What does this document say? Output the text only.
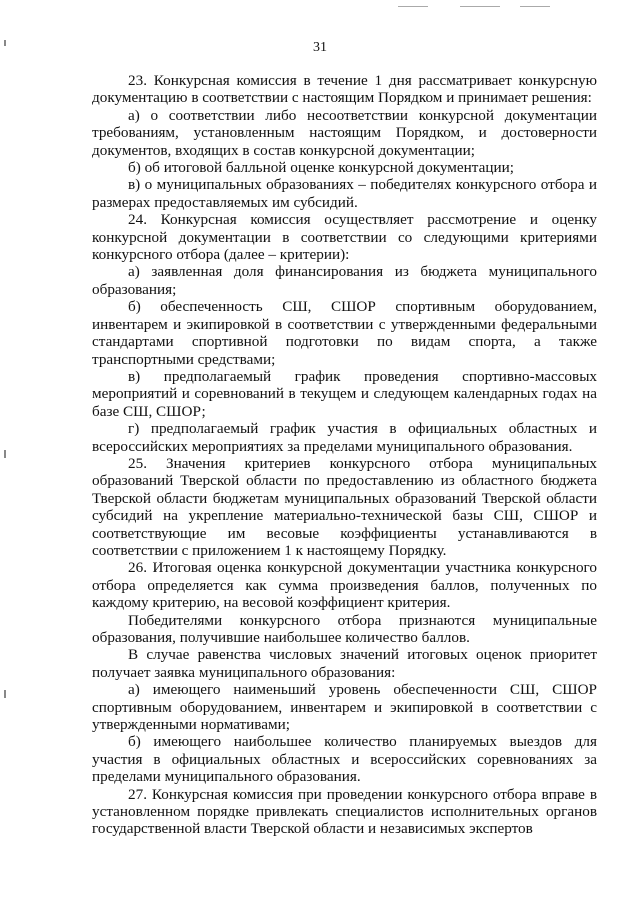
31

23. Конкурсная комиссия в течение 1 дня рассматривает конкурсную документацию в соответствии с настоящим Порядком и принимает решения:

а) о соответствии либо несоответствии конкурсной документации требованиям, установленным настоящим Порядком, и достоверности документов, входящих в состав конкурсной документации;

б) об итоговой балльной оценке конкурсной документации;

в) о муниципальных образованиях – победителях конкурсного отбора и размерах предоставляемых им субсидий.

24. Конкурсная комиссия осуществляет рассмотрение и оценку конкурсной документации в соответствии со следующими критериями конкурсного отбора (далее – критерии):

а) заявленная доля финансирования из бюджета муниципального образования;

б) обеспеченность СШ, СШОР спортивным оборудованием, инвентарем и экипировкой в соответствии с утвержденными федеральными стандартами спортивной подготовки по видам спорта, а также транспортными средствами;

в) предполагаемый график проведения спортивно-массовых мероприятий и соревнований в текущем и следующем календарных годах на базе СШ, СШОР;

г) предполагаемый график участия в официальных областных и всероссийских мероприятиях за пределами муниципального образования.

25. Значения критериев конкурсного отбора муниципальных образований Тверской области по предоставлению из областного бюджета Тверской области бюджетам муниципальных образований Тверской области субсидий на укрепление материально-технической базы СШ, СШОР и соответствующие им весовые коэффициенты устанавливаются в соответствии с приложением 1 к настоящему Порядку.

26. Итоговая оценка конкурсной документации участника конкурсного отбора определяется как сумма произведения баллов, полученных по каждому критерию, на весовой коэффициент критерия.

Победителями конкурсного отбора признаются муниципальные образования, получившие наибольшее количество баллов.

В случае равенства числовых значений итоговых оценок приоритет получает заявка муниципального образования:

а) имеющего наименьший уровень обеспеченности СШ, СШОР спортивным оборудованием, инвентарем и экипировкой в соответствии с утвержденными нормативами;

б) имеющего наибольшее количество планируемых выездов для участия в официальных областных и всероссийских соревнованиях за пределами муниципального образования.

27. Конкурсная комиссия при проведении конкурсного отбора вправе в установленном порядке привлекать специалистов исполнительных органов государственной власти Тверской области и независимых экспертов
